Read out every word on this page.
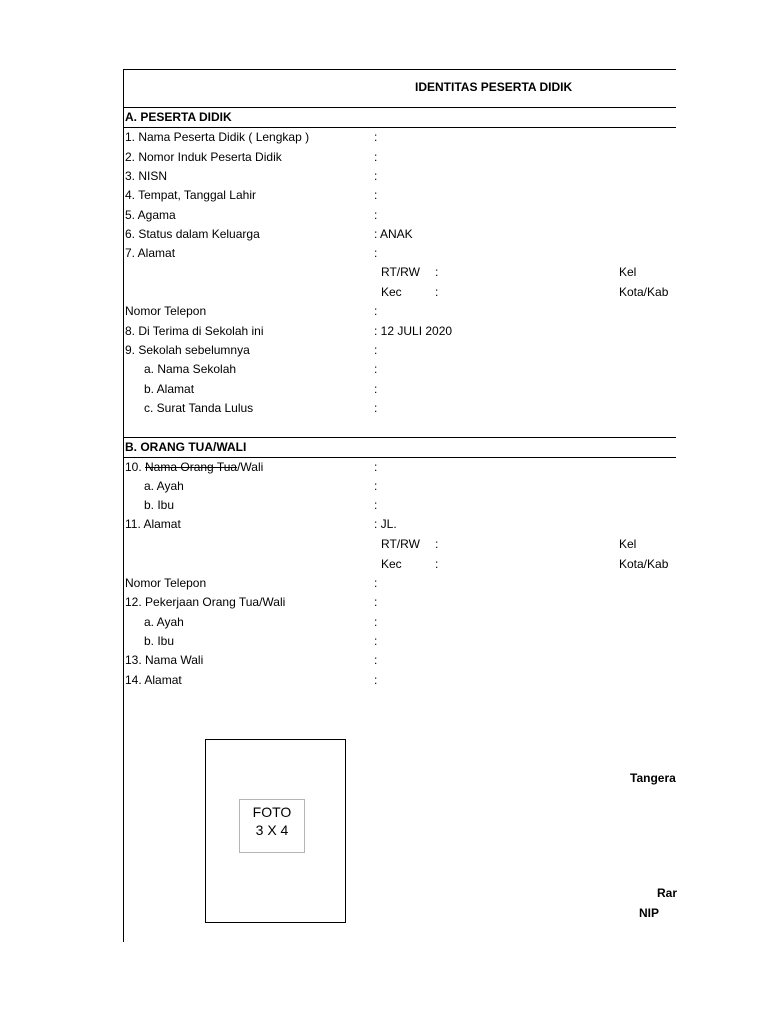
IDENTITAS PESERTA DIDIK
A. PESERTA DIDIK
1. Nama Peserta Didik ( Lengkap )	:
2. Nomor Induk Peserta Didik	:
3. NISN	:
4. Tempat, Tanggal Lahir	:
5. Agama	:
6. Status dalam Keluarga	: ANAK
7. Alamat	:
RT/RW :	Kel
Kec	:	Kota/Kab
Nomor Telepon	:
8. Di Terima di Sekolah ini	: 12 JULI 2020
9. Sekolah sebelumnya	:
a. Nama Sekolah	:
b. Alamat	:
c. Surat Tanda Lulus	:
B. ORANG TUA/WALI
10. Nama Orang Tua/Wali	:
a. Ayah	:
b. Ibu	:
11. Alamat	: JL.
RT/RW :	Kel
Kec	:	Kota/Kab
Nomor Telepon	:
12. Pekerjaan Orang Tua/Wali	:
a. Ayah	:
b. Ibu	:
13. Nama Wali	:
14. Alamat	:
FOTO
3 X 4
Tangera
Rar
NIP
